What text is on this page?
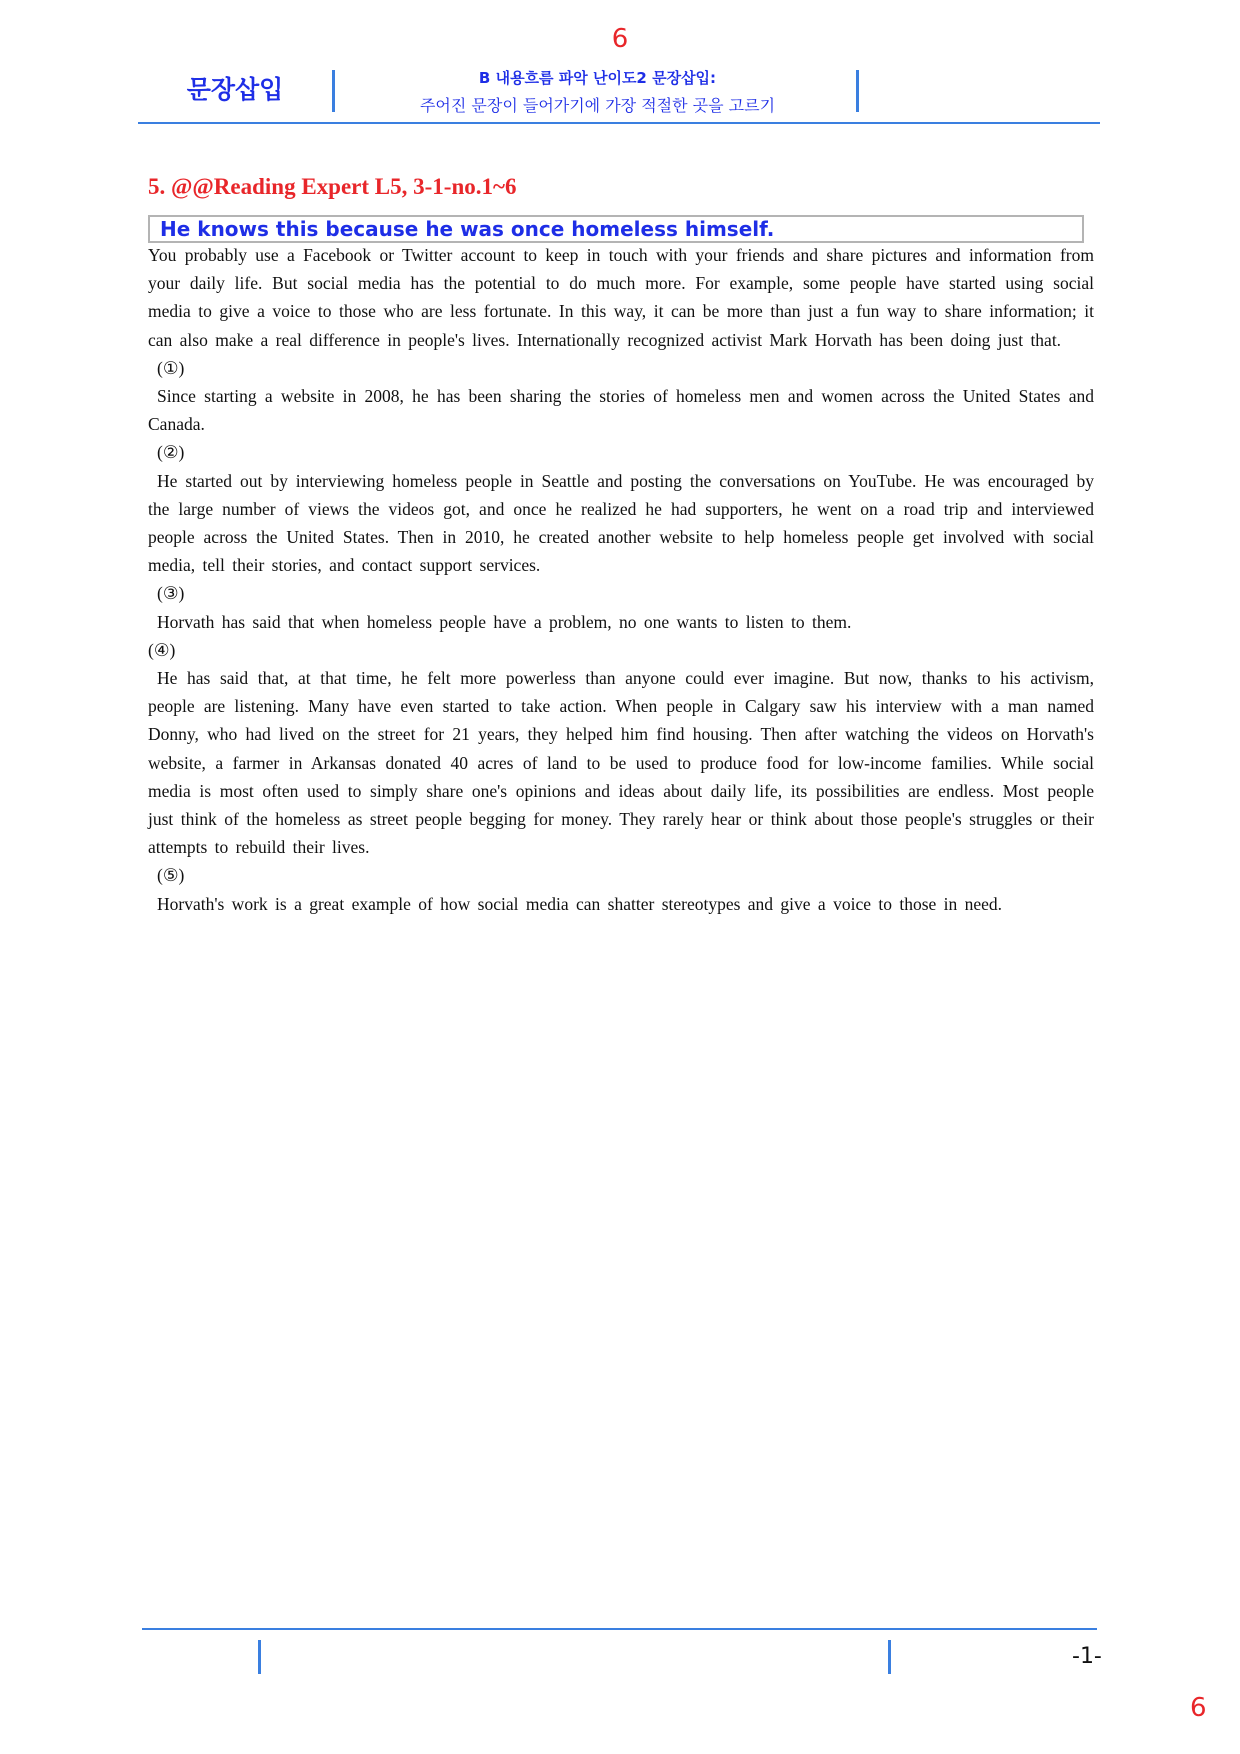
6
문장삽입	B 내용흐름 파악 난이도2 문장삽입:
주어진 문장이 들어가기에 가장 적절한 곳을 고르기
5. @@Reading Expert L5, 3-1-no.1~6
He knows this because he was once homeless himself.

You probably use a Facebook or Twitter account to keep in touch with your friends and share pictures and information from your daily life. But social media has the potential to do much more. For example, some people have started using social media to give a voice to those who are less fortunate. In this way, it can be more than just a fun way to share information; it can also make a real difference in people's lives. Internationally recognized activist Mark Horvath has been doing just that.

(①)

Since starting a website in 2008, he has been sharing the stories of homeless men and women across the United States and Canada.

(②)

He started out by interviewing homeless people in Seattle and posting the conversations on YouTube. He was encouraged by the large number of views the videos got, and once he realized he had supporters, he went on a road trip and interviewed people across the United States. Then in 2010, he created another website to help homeless people get involved with social media, tell their stories, and contact support services.

(③)

Horvath has said that when homeless people have a problem, no one wants to listen to them.

(④)

He has said that, at that time, he felt more powerless than anyone could ever imagine. But now, thanks to his activism, people are listening. Many have even started to take action. When people in Calgary saw his interview with a man named Donny, who had lived on the street for 21 years, they helped him find housing. Then after watching the videos on Horvath's website, a farmer in Arkansas donated 40 acres of land to be used to produce food for low-income families. While social media is most often used to simply share one's opinions and ideas about daily life, its possibilities are endless. Most people just think of the homeless as street people begging for money. They rarely hear or think about those people's struggles or their attempts to rebuild their lives.

(⑤)

Horvath's work is a great example of how social media can shatter stereotypes and give a voice to those in need.

-1-
6
